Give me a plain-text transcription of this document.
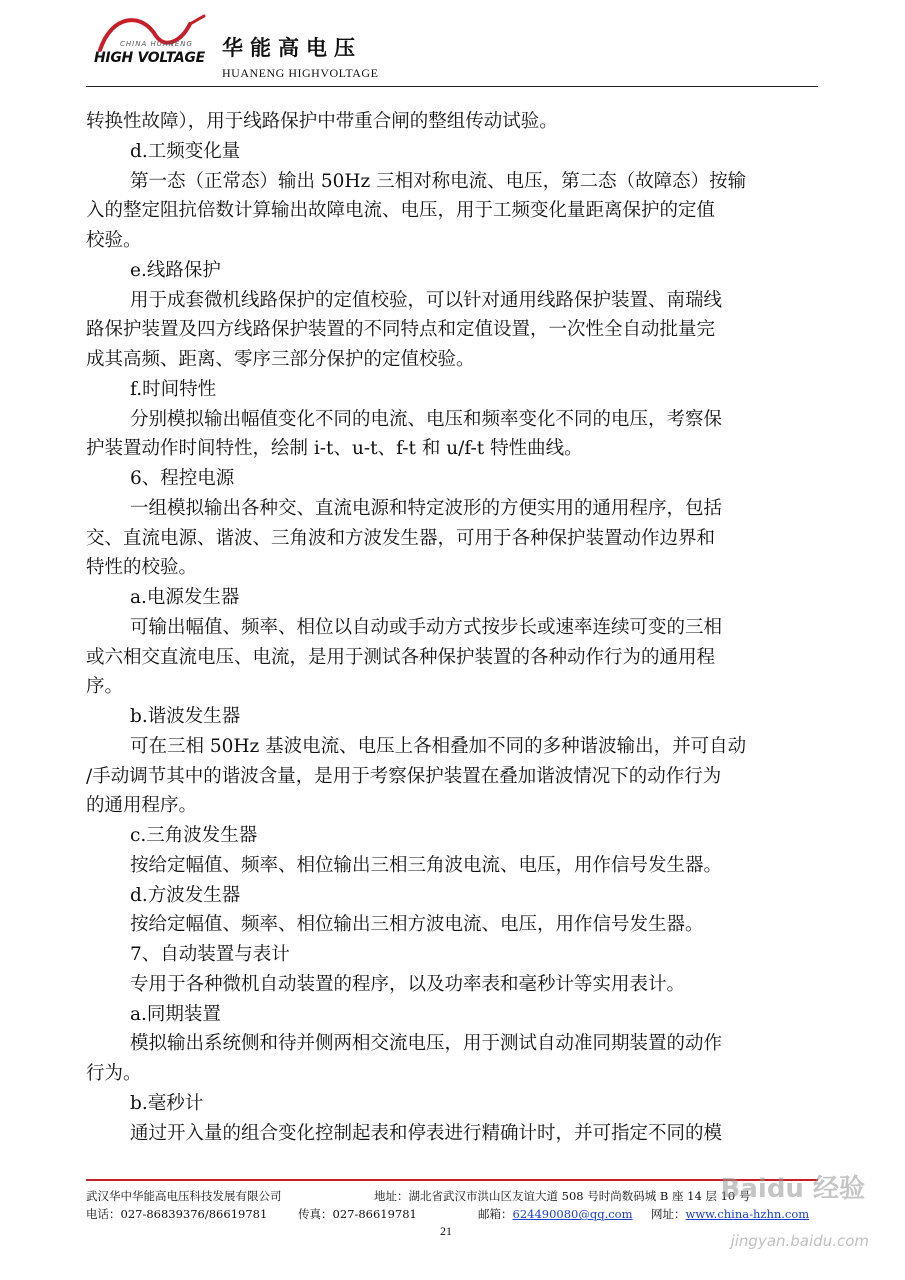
CHINA HUANENG
HIGH VOLTAGE 华能高电压
HUANENG HIGHVOLTAGE
转换性故障），用于线路保护中带重合闸的整组传动试验。
d.工频变化量
第一态（正常态）输出 50Hz 三相对称电流、电压，第二态（故障态）按输
入的整定阻抗倍数计算输出故障电流、电压，用于工频变化量距离保护的定值
校验。
e.线路保护
用于成套微机线路保护的定值校验，可以针对通用线路保护装置、南瑞线
路保护装置及四方线路保护装置的不同特点和定值设置，一次性全自动批量完
成其高频、距离、零序三部分保护的定值校验。
f.时间特性
分别模拟输出幅值变化不同的电流、电压和频率变化不同的电压，考察保
护装置动作时间特性，绘制 i-t、u-t、f-t 和 u/f-t 特性曲线。
6、程控电源
一组模拟输出各种交、直流电源和特定波形的方便实用的通用程序，包括
交、直流电源、谐波、三角波和方波发生器，可用于各种保护装置动作边界和
特性的校验。
a.电源发生器
可输出幅值、频率、相位以自动或手动方式按步长或速率连续可变的三相
或六相交直流电压、电流，是用于测试各种保护装置的各种动作行为的通用程
序。
b.谐波发生器
可在三相 50Hz 基波电流、电压上各相叠加不同的多种谐波输出，并可自动
/手动调节其中的谐波含量，是用于考察保护装置在叠加谐波情况下的动作行为
的通用程序。
c.三角波发生器
按给定幅值、频率、相位输出三相三角波电流、电压，用作信号发生器。
d.方波发生器
按给定幅值、频率、相位输出三相方波电流、电压，用作信号发生器。
7、自动装置与表计
专用于各种微机自动装置的程序，以及功率表和毫秒计等实用表计。
a.同期装置
模拟输出系统侧和待并侧两相交流电压，用于测试自动准同期装置的动作
行为。
b.毫秒计
通过开入量的组合变化控制起表和停表进行精确计时，并可指定不同的模
武汉华中华能高电压科技发展有限公司	地址：湖北省武汉市洪山区友谊大道 508 号时尚数码城 B 座 14 层 10 号
电话：027-86839376/86619781	传真：027-86619781	邮箱：624490080@qq.com 网址：www.china-hzhn.com
21
Baidu 经验
jingyan.baidu.com
